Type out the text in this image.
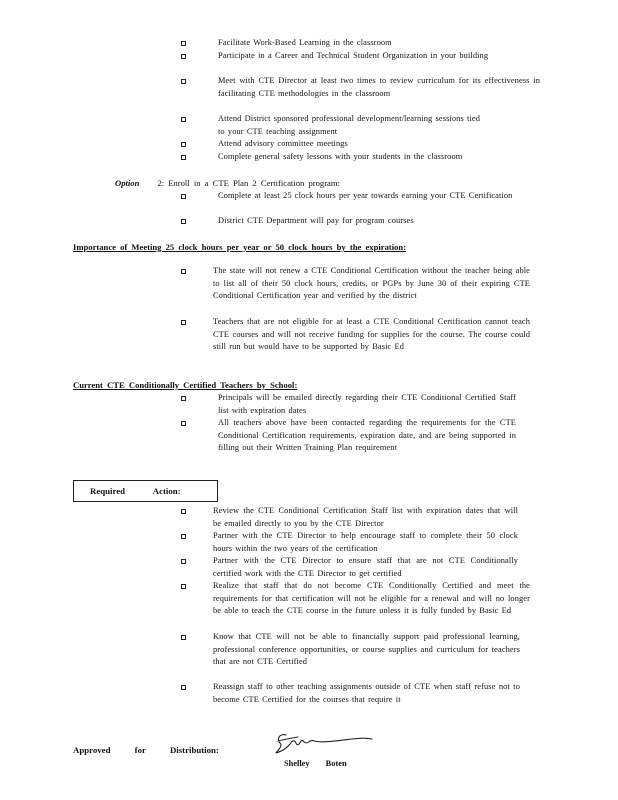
Facilitate Work-Based Learning in the classroom
Participate in a Career and Technical Student Organization in your building
Meet with CTE Director at least two times to review curriculum for its effectiveness in facilitating CTE methodologies in the classroom
Attend District sponsored professional development/learning sessions tied to your CTE teaching assignment
Attend advisory committee meetings
Complete general safety lessons with your students in the classroom
Option 2: Enroll in a CTE Plan 2 Certification program:
Complete at least 25 clock hours per year towards earning your CTE Certification
District CTE Department will pay for program courses
Importance of Meeting 25 clock hours per year or 50 clock hours by the expiration:
The state will not renew a CTE Conditional Certification without the teacher being able to list all of their 50 clock hours, credits, or PGPs by June 30 of their expiring CTE Conditional Certification year and verified by the district
Teachers that are not eligible for at least a CTE Conditional Certification cannot teach CTE courses and will not receive funding for supplies for the course. The course could still run but would have to be supported by Basic Ed
Current CTE Conditionally Certified Teachers by School:
Principals will be emailed directly regarding their CTE Conditional Certified Staff list with expiration dates
All teachers above have been contacted regarding the requirements for the CTE Conditional Certification requirements, expiration date, and are being supported in filling out their Written Training Plan requirement
Required Action:
Review the CTE Conditional Certification Staff list with expiration dates that will be emailed directly to you by the CTE Director
Partner with the CTE Director to help encourage staff to complete their 50 clock hours within the two years of the certification
Partner with the CTE Director to ensure staff that are not CTE Conditionally certified work with the CTE Director to get certified
Realize that staff that do not become CTE Conditionally Certified and meet the requirements for that certification will not be eligible for a renewal and will no longer be able to teach the CTE course in the future unless it is fully funded by Basic Ed
Know that CTE will not be able to financially support paid professional learning, professional conference opportunities, or course supplies and curriculum for teachers that are not CTE Certified
Reassign staff to other teaching assignments outside of CTE when staff refuse not to become CTE Certified for the courses that require it
Approved for Distribution:
Shelley Boten
